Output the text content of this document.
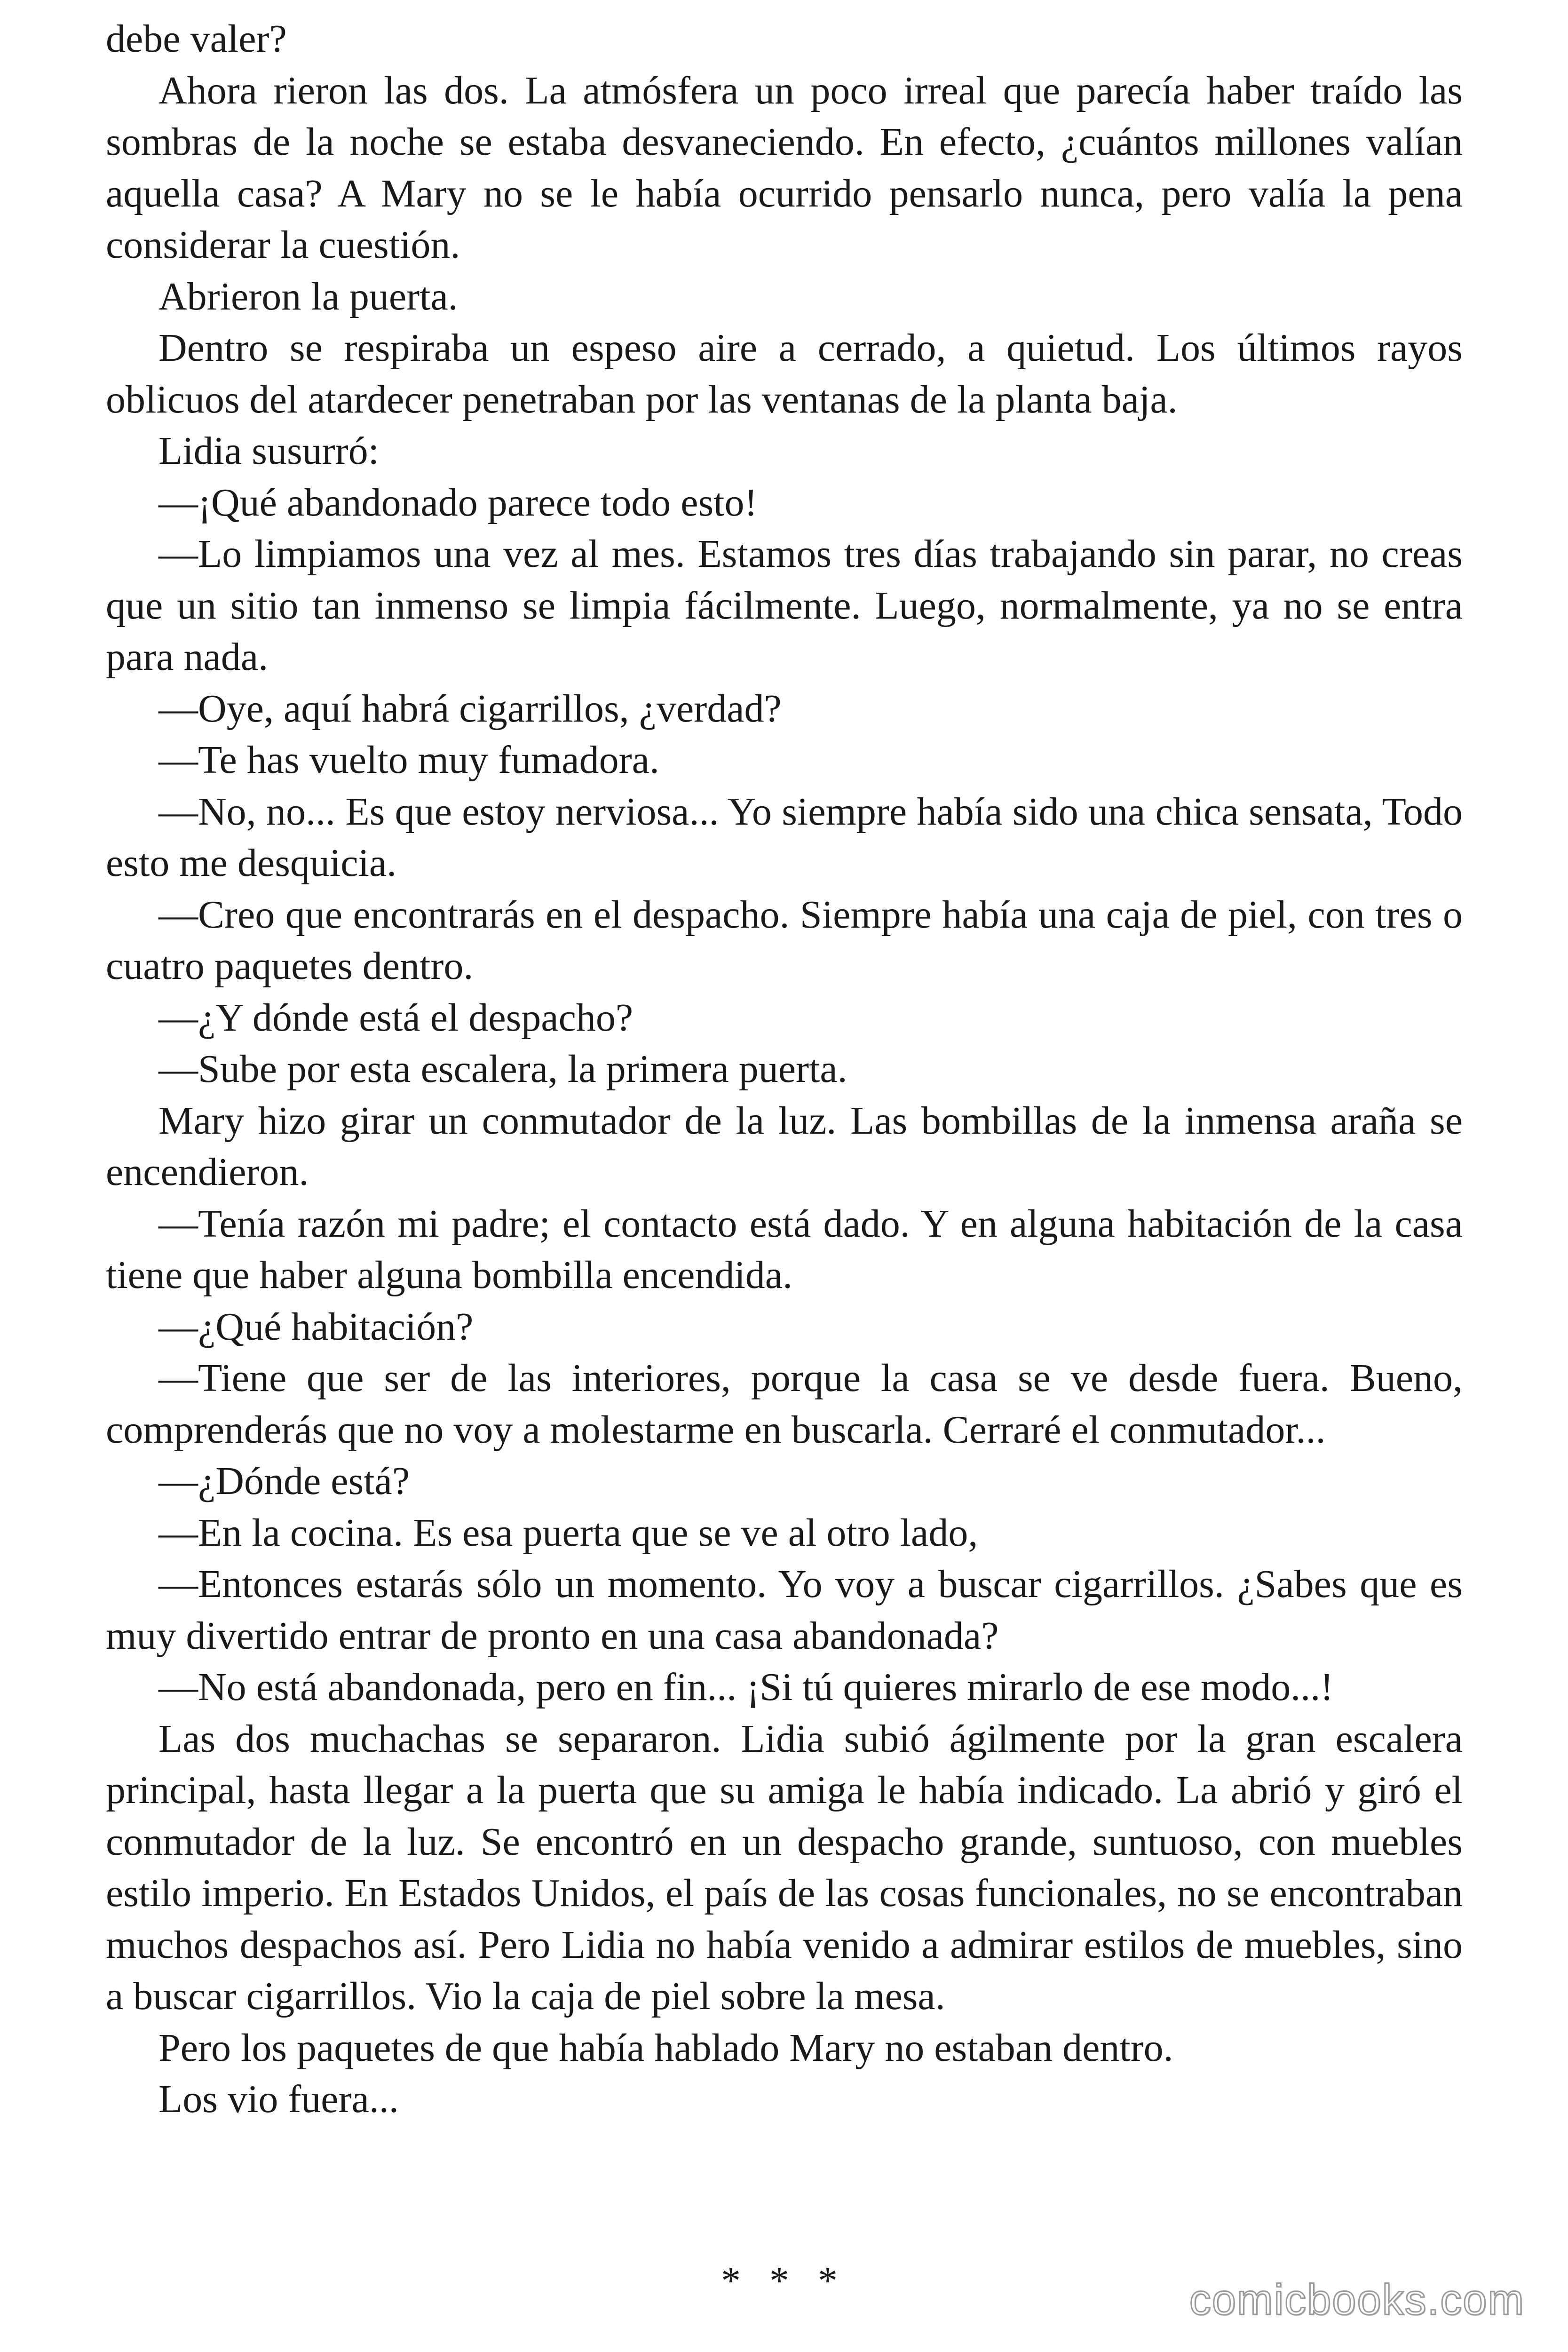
debe valer?

Ahora rieron las dos. La atmósfera un poco irreal que parecía haber traído las sombras de la noche se estaba desvaneciendo. En efecto, ¿cuántos millones valían aquella casa? A Mary no se le había ocurrido pensarlo nunca, pero valía la pena considerar la cuestión.

Abrieron la puerta.

Dentro se respiraba un espeso aire a cerrado, a quietud. Los últimos rayos oblicuos del atardecer penetraban por las ventanas de la planta baja.

Lidia susurró:

—¡Qué abandonado parece todo esto!

—Lo limpiamos una vez al mes. Estamos tres días trabajando sin parar, no creas que un sitio tan inmenso se limpia fácilmente. Luego, normalmente, ya no se entra para nada.

—Oye, aquí habrá cigarrillos, ¿verdad?

—Te has vuelto muy fumadora.

—No, no... Es que estoy nerviosa... Yo siempre había sido una chica sensata, Todo esto me desquicia.

—Creo que encontrarás en el despacho. Siempre había una caja de piel, con tres o cuatro paquetes dentro.

—¿Y dónde está el despacho?

—Sube por esta escalera, la primera puerta.

Mary hizo girar un conmutador de la luz. Las bombillas de la inmensa araña se encendieron.

—Tenía razón mi padre; el contacto está dado. Y en alguna habitación de la casa tiene que haber alguna bombilla encendida.

—¿Qué habitación?

—Tiene que ser de las interiores, porque la casa se ve desde fuera. Bueno, comprenderás que no voy a molestarme en buscarla. Cerraré el conmutador...

—¿Dónde está?

—En la cocina. Es esa puerta que se ve al otro lado,

—Entonces estarás sólo un momento. Yo voy a buscar cigarrillos. ¿Sabes que es muy divertido entrar de pronto en una casa abandonada?

—No está abandonada, pero en fin... ¡Si tú quieres mirarlo de ese modo...!

Las dos muchachas se separaron. Lidia subió ágilmente por la gran escalera principal, hasta llegar a la puerta que su amiga le había indicado. La abrió y giró el conmutador de la luz. Se encontró en un despacho grande, suntuoso, con muebles estilo imperio. En Estados Unidos, el país de las cosas funcionales, no se encontraban muchos despachos así. Pero Lidia no había venido a admirar estilos de muebles, sino a buscar cigarrillos. Vio la caja de piel sobre la mesa.

Pero los paquetes de que había hablado Mary no estaban dentro.

Los vio fuera...

* * *	comicbooks.com
